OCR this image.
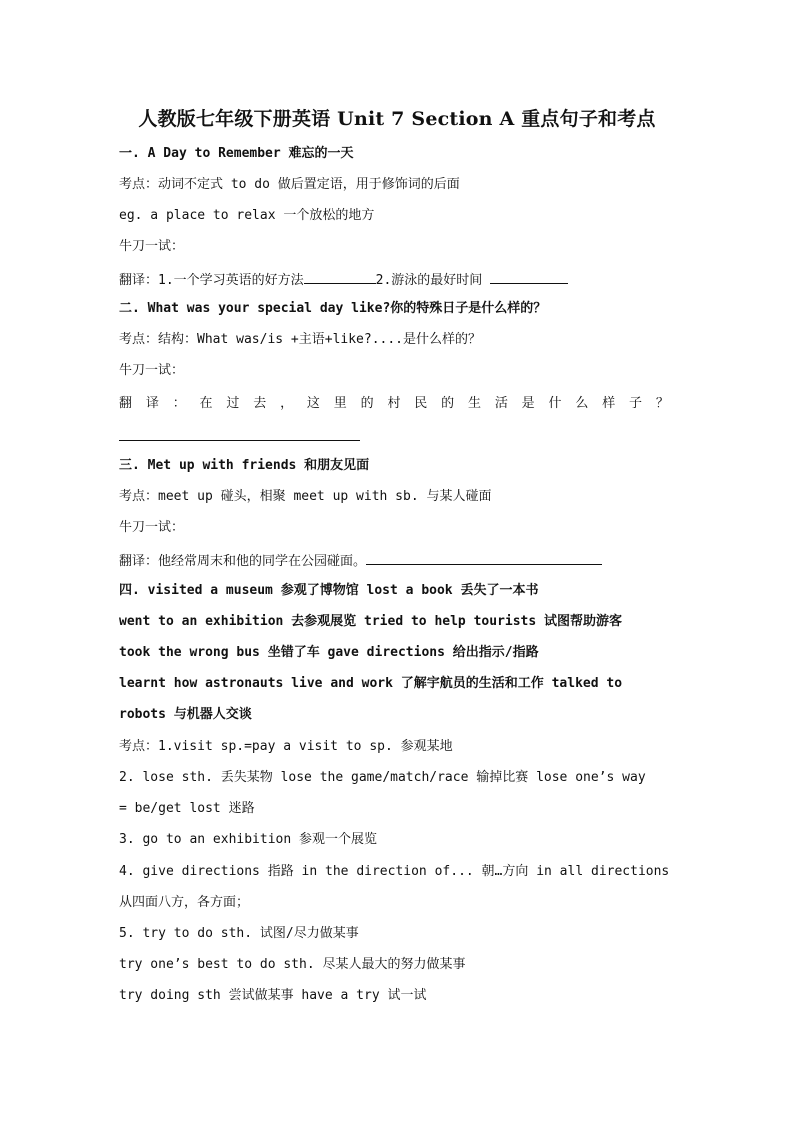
人教版七年级下册英语 Unit 7 Section A 重点句子和考点
一. A Day to Remember 难忘的一天
考点：动词不定式 to do 做后置定语，用于修饰词的后面
eg. a place to relax 一个放松的地方
牛刀一试：
翻译：1.一个学习英语的好方法	2.游泳的最好时间
二. What was your special day like?你的特殊日子是什么样的？
考点：结构：What was/is +主语+like?....是什么样的？
牛刀一试：
翻 译 ： 在 过 去 ， 这 里 的 村 民 的 生 活 是 什 么 样 子 ？
三. Met up with friends 和朋友见面
考点：meet up 碰头，相聚 meet up with sb. 与某人碰面
牛刀一试：
翻译：他经常周末和他的同学在公园碰面。
四. visited a museum 参观了博物馆 lost a book 丢失了一本书
went to an exhibition 去参观展览 tried to help tourists 试图帮助游客
took the wrong bus 坐错了车 gave directions 给出指示/指路
learnt how astronauts live and work 了解宇航员的生活和工作 talked to
robots 与机器人交谈
考点：1.visit sp.=pay a visit to sp. 参观某地
2. lose sth. 丢失某物 lose the game/match/race 输掉比赛 lose one’s way
= be/get lost 迷路
3. go to an exhibition 参观一个展览
4. give directions 指路 in the direction of... 朝…方向 in all directions
从四面八方，各方面；
5. try to do sth. 试图/尽力做某事
try one’s best to do sth. 尽某人最大的努力做某事
try doing sth 尝试做某事 have a try 试一试
